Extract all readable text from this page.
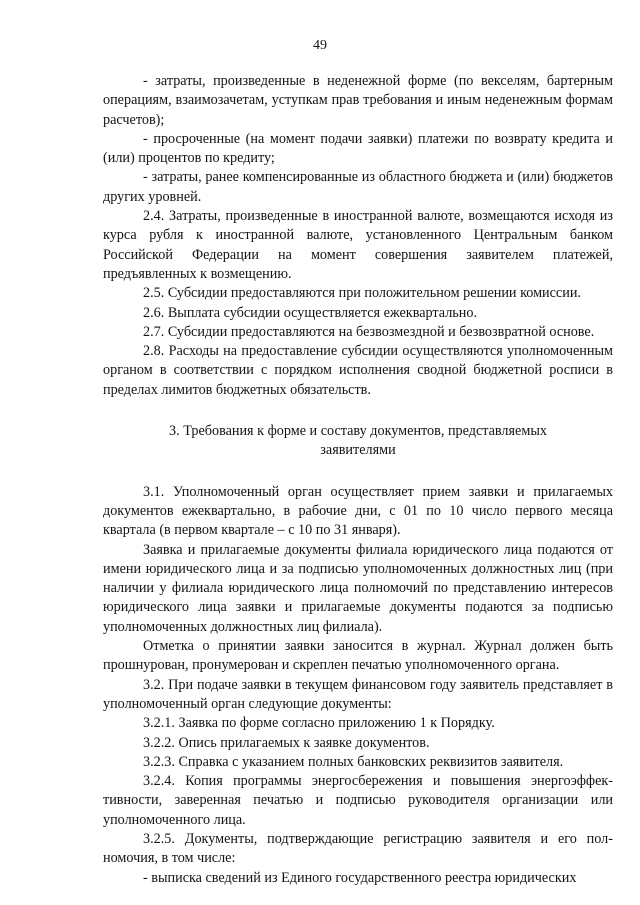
49

- затраты, произведенные в неденежной форме (по векселям, бартерным операциям, взаимозачетам, уступкам прав требования и иным неденежным формам расчетов);

- просроченные (на момент подачи заявки) платежи по возврату кредита и (или) процентов по кредиту;

- затраты, ранее компенсированные из областного бюджета и (или) бюджетов других уровней.

2.4. Затраты, произведенные в иностранной валюте, возмещаются исходя из курса рубля к иностранной валюте, установленного Центральным банком Российской Федерации на момент совершения заявителем платежей, предъявленных к возмещению.

2.5. Субсидии предоставляются при положительном решении комиссии.

2.6. Выплата субсидии осуществляется ежеквартально.

2.7. Субсидии предоставляются на безвозмездной и безвозвратной основе.

2.8. Расходы на предоставление субсидии осуществляются уполномоченным органом в соответствии с порядком исполнения сводной бюджетной росписи в пределах лимитов бюджетных обязательств.

3. Требования к форме и составу документов, представляемых
заявителями

3.1. Уполномоченный орган осуществляет прием заявки и прилагаемых документов ежеквартально, в рабочие дни, с 01 по 10 число первого месяца квартала (в первом квартале – с 10 по 31 января).

Заявка и прилагаемые документы филиала юридического лица подаются от имени юридического лица и за подписью уполномоченных должностных лиц (при наличии у филиала юридического лица полномочий по представлению интересов юридического лица заявки и прилагаемые документы подаются за подписью уполномоченных должностных лиц филиала).

Отметка о принятии заявки заносится в журнал. Журнал должен быть прошнурован, пронумерован и скреплен печатью уполномоченного органа.

3.2. При подаче заявки в текущем финансовом году заявитель представляет в уполномоченный орган следующие документы:

3.2.1. Заявка по форме согласно приложению 1 к Порядку.

3.2.2. Опись прилагаемых к заявке документов.

3.2.3. Справка с указанием полных банковских реквизитов заявителя.

3.2.4. Копия программы энергосбережения и повышения энергоэффективности, заверенная печатью и подписью руководителя организации или уполномоченного лица.

3.2.5. Документы, подтверждающие регистрацию заявителя и его полномочия, в том числе:

- выписка сведений из Единого государственного реестра юридических
